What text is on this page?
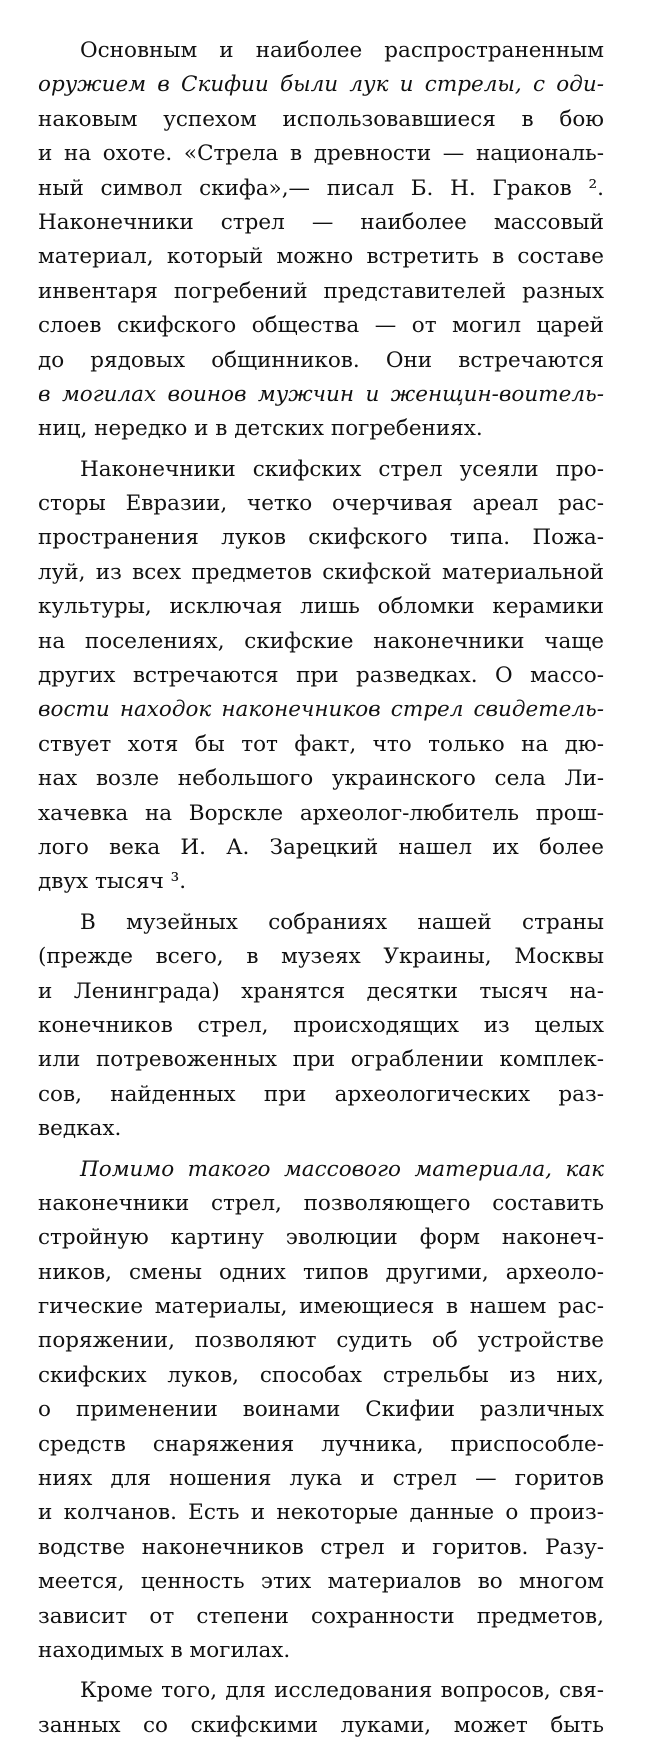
Основным и наиболее распространенным
оружием в Скифии были лук и стрелы, с оди-
наковым успехом использовавшиеся в бою
и на охоте. «Стрела в древности — националь-
ный символ скифа»,— писал Б. Н. Граков ².
Наконечники стрел — наиболее массовый
материал, который можно встретить в составе
инвентаря погребений представителей разных
слоев скифского общества — от могил царей
до рядовых общинников. Они встречаются
в могилах воинов мужчин и женщин-воитель-
ниц, нередко и в детских погребениях.
Наконечники скифских стрел усеяли про-
сторы Евразии, четко очерчивая ареал рас-
пространения луков скифского типа. Пожа-
луй, из всех предметов скифской материальной
культуры, исключая лишь обломки керамики
на поселениях, скифские наконечники чаще
других встречаются при разведках. О массо-
вости находок наконечников стрел свидетель-
ствует хотя бы тот факт, что только на дю-
нах возле небольшого украинского села Ли-
хачевка на Ворскле археолог-любитель прош-
лого века И. А. Зарецкий нашел их более
двух тысяч ³.
В музейных собраниях нашей страны
(прежде всего, в музеях Украины, Москвы
и Ленинграда) хранятся десятки тысяч на-
конечников стрел, происходящих из целых
или потревоженных при ограблении комплек-
сов, найденных при археологических раз-
ведках.
Помимо такого массового материала, как
наконечники стрел, позволяющего составить
стройную картину эволюции форм наконеч-
ников, смены одних типов другими, археоло-
гические материалы, имеющиеся в нашем рас-
поряжении, позволяют судить об устройстве
скифских луков, способах стрельбы из них,
о применении воинами Скифии различных
средств снаряжения лучника, приспособле-
ниях для ношения лука и стрел — горитов
и колчанов. Есть и некоторые данные о произ-
водстве наконечников стрел и горитов. Разу-
меется, ценность этих материалов во многом
зависит от степени сохранности предметов,
находимых в могилах.
Кроме того, для исследования вопросов, свя-
занных со скифскими луками, может быть
